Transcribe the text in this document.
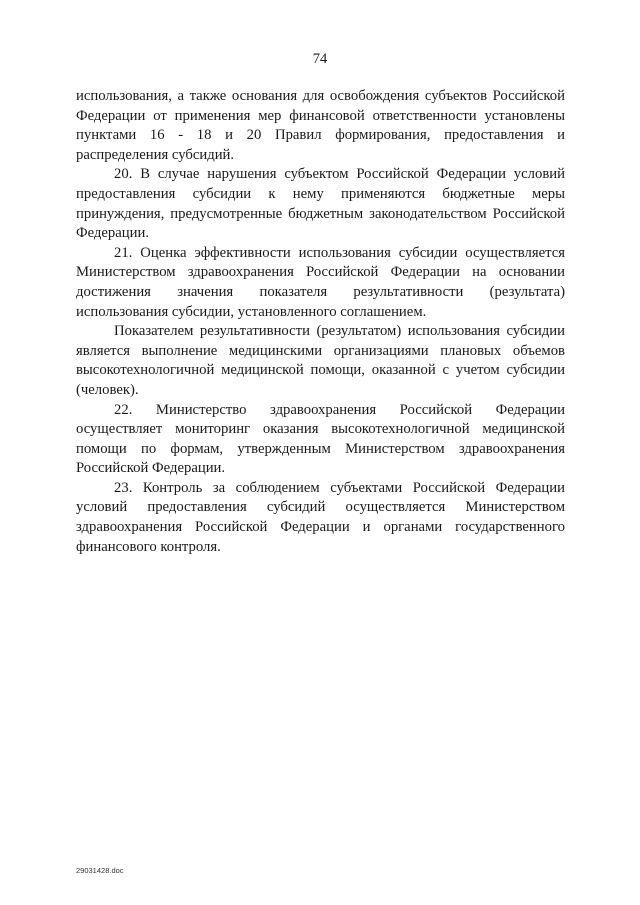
74

использования, а также основания для освобождения субъектов Российской Федерации от применения мер финансовой ответственности установлены пунктами 16 - 18 и 20 Правил формирования, предоставления и распределения субсидий.

20. В случае нарушения субъектом Российской Федерации условий предоставления субсидии к нему применяются бюджетные меры принуждения, предусмотренные бюджетным законодательством Российской Федерации.

21. Оценка эффективности использования субсидии осуществляется Министерством здравоохранения Российской Федерации на основании достижения значения показателя результативности (результата) использования субсидии, установленного соглашением.

Показателем результативности (результатом) использования субсидии является выполнение медицинскими организациями плановых объемов высокотехнологичной медицинской помощи, оказанной с учетом субсидии (человек).

22. Министерство здравоохранения Российской Федерации осуществляет мониторинг оказания высокотехнологичной медицинской помощи по формам, утвержденным Министерством здравоохранения Российской Федерации.

23. Контроль за соблюдением субъектами Российской Федерации условий предоставления субсидий осуществляется Министерством здравоохранения Российской Федерации и органами государственного финансового контроля.

29031428.doc
